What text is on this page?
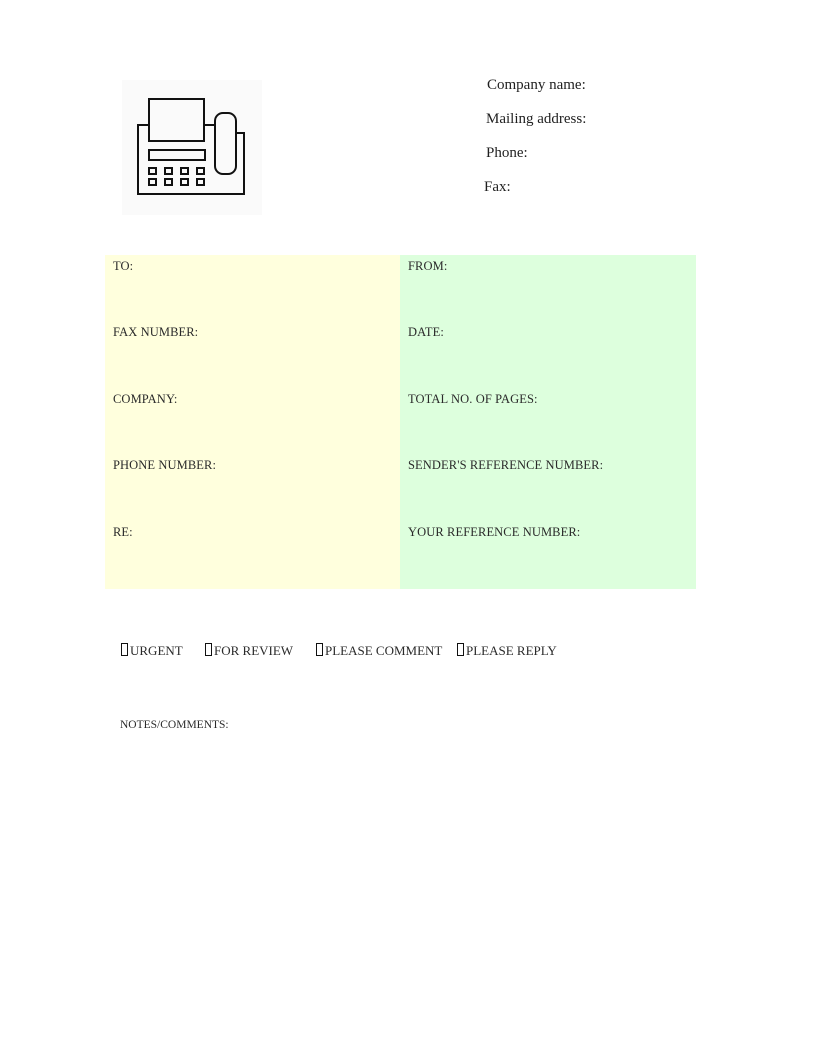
Company name:
Mailing address:
Phone:
Fax:
TO:
FAX NUMBER:
COMPANY:
PHONE NUMBER:
RE:
FROM:
DATE:
TOTAL NO. OF PAGES:
SENDER'S REFERENCE NUMBER:
YOUR REFERENCE NUMBER:
URGENT FOR REVIEW PLEASE COMMENT PLEASE REPLY
NOTES/COMMENTS:
